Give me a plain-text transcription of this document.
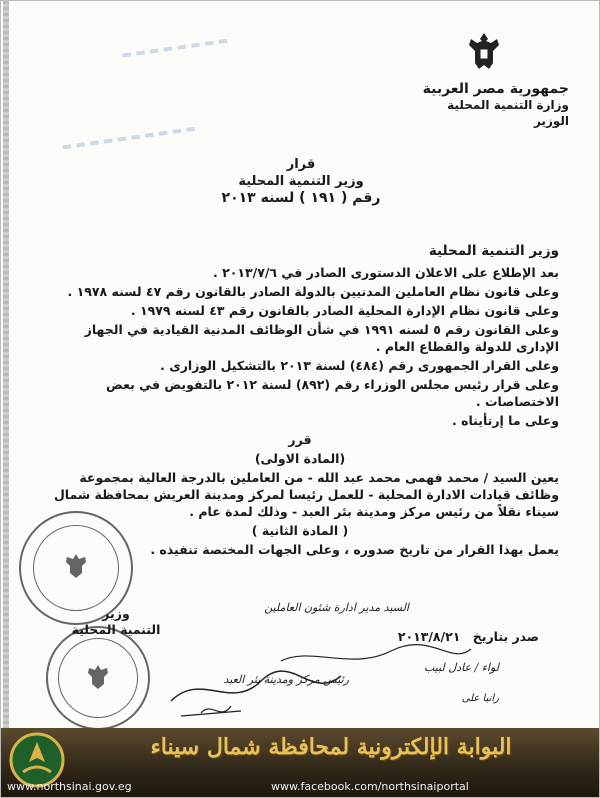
▬ ▬ ▬ ▬ ▬ ▬ ▬ ▬
▬ ▬ ▬ ▬ ▬ ▬ ▬ ▬ ▬ ▬
جمهورية مصر العربية
وزارة التنمية المحلية
الوزير
قرار
وزير التنمية المحلية
رقم ( ١٩١ ) لسنه ٢٠١٣

وزير التنمية المحلية

بعد الإطلاع على الاعلان الدستورى الصادر في ٢٠١٣/٧/٦ .

وعلى قانون نظام العاملين المدنيين بالدولة الصادر بالقانون رقم ٤٧ لسنه ١٩٧٨ .

وعلى قانون نظام الإدارة المحلية الصادر بالقانون رقم ٤٣ لسنه ١٩٧٩ .

وعلى القانون رقم ٥ لسنه ١٩٩١ في شأن الوظائف المدنية القيادية في الجهاز الإدارى للدولة والقطاع العام .

وعلى القرار الجمهورى رقم (٤٨٤) لسنة ٢٠١٣ بالتشكيل الوزارى .

وعلى قرار رئيس مجلس الوزراء رقم (٨٩٢) لسنة ٢٠١٢ بالتفويض في بعض الاختصاصات .

وعلى ما إرتأيناه .

قرر

(المادة الاولى)

يعين السيد / محمد فهمى محمد عبد الله - من العاملين بالدرجة العالية بمجموعة وظائف قيادات الادارة المحلية - للعمل رئيسا لمركز ومدينة العريش بمحافظة شمال سيناء نقلاً من رئيس مركز ومدينة بئر العبد - وذلك لمدة عام .

( المادة الثانية )

يعمل بهذا القرار من تاريخ صدوره ، وعلى الجهات المختصة تنفيذه .

وزير
التنمية المحلية
السيد مدير ادارة شئون العاملين
رئيس مركز ومدينة بئر العبد
لواء / عادل لبيب
صدر بتاريخ ٢٠١٣/٨/٢١
رانيا على
البوابة الإلكترونية لمحافظة شمال سيناء
www.northsinai.gov.eg	www.facebook.com/northsinaiportal
